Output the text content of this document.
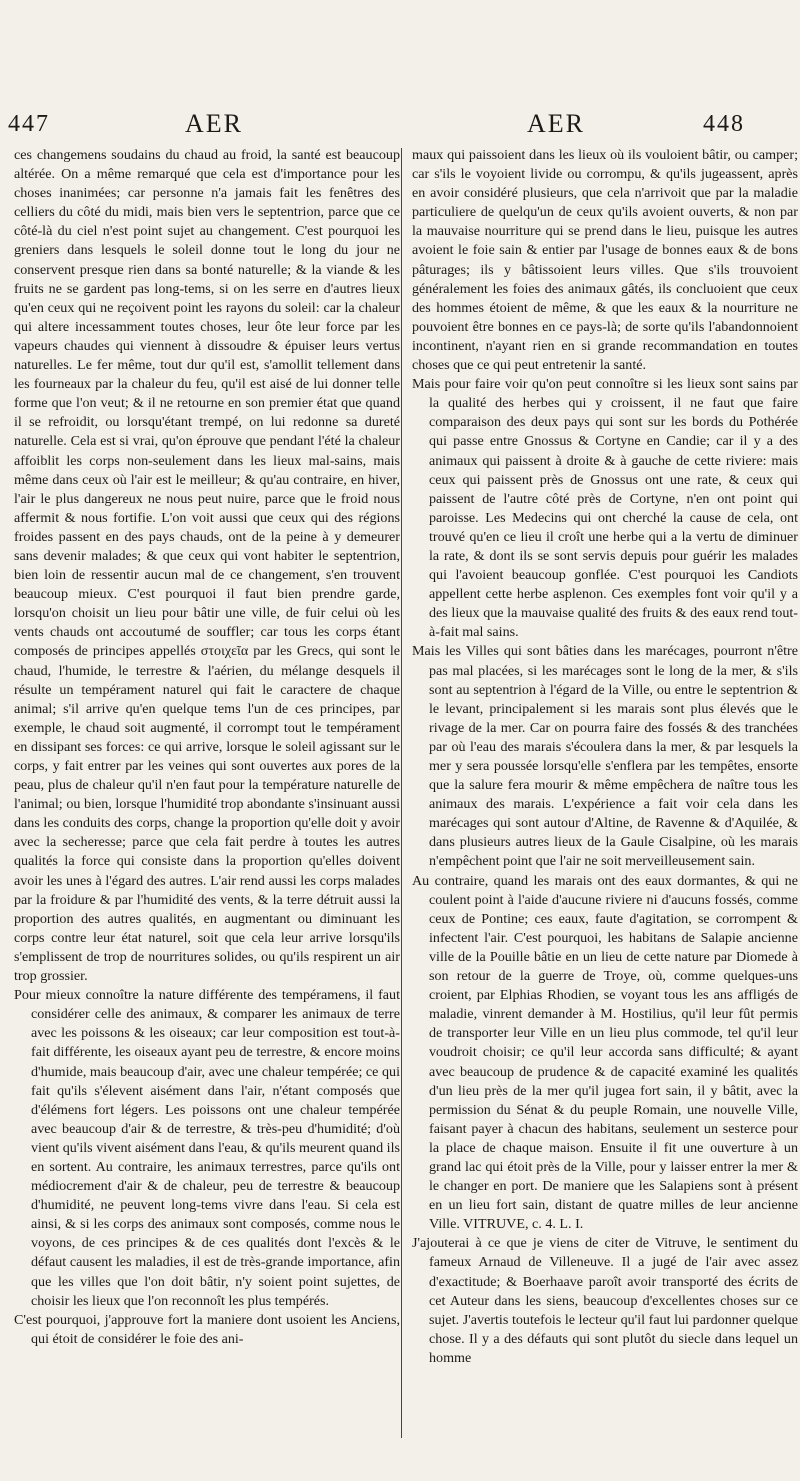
447	AER	AER	448

ces changemens soudains du chaud au froid, la santé est beaucoup altérée. On a même remarqué que cela est d'importance pour les choses inanimées; car personne n'a jamais fait les fenêtres des celliers du côté du midi, mais bien vers le septentrion, parce que ce côté-là du ciel n'est point sujet au changement. C'est pourquoi les greniers dans lesquels le soleil donne tout le long du jour ne conservent presque rien dans sa bonté naturelle; & la viande & les fruits ne se gardent pas long-tems, si on les serre en d'autres lieux qu'en ceux qui ne reçoivent point les rayons du soleil: car la chaleur qui altere incessamment toutes choses, leur ôte leur force par les vapeurs chaudes qui viennent à dissoudre & épuiser leurs vertus naturelles. Le fer même, tout dur qu'il est, s'amollit tellement dans les fourneaux par la chaleur du feu, qu'il est aisé de lui donner telle forme que l'on veut; & il ne retourne en son premier état que quand il se refroidit, ou lorsqu'étant trempé, on lui redonne sa dureté naturelle. Cela est si vrai, qu'on éprouve que pendant l'été la chaleur affoiblit les corps non-seulement dans les lieux mal-sains, mais même dans ceux où l'air est le meilleur; & qu'au contraire, en hiver, l'air le plus dangereux ne nous peut nuire, parce que le froid nous affermit & nous fortifie. L'on voit aussi que ceux qui des régions froides passent en des pays chauds, ont de la peine à y demeurer sans devenir malades; & que ceux qui vont habiter le septentrion, bien loin de ressentir aucun mal de ce changement, s'en trouvent beaucoup mieux. C'est pourquoi il faut bien prendre garde, lorsqu'on choisit un lieu pour bâtir une ville, de fuir celui où les vents chauds ont accoutumé de souffler; car tous les corps étant composés de principes appellés στοιχεῖα par les Grecs, qui sont le chaud, l'humide, le terrestre & l'aérien, du mélange desquels il résulte un tempérament naturel qui fait le caractere de chaque animal; s'il arrive qu'en quelque tems l'un de ces principes, par exemple, le chaud soit augmenté, il corrompt tout le tempérament en dissipant ses forces: ce qui arrive, lorsque le soleil agissant sur le corps, y fait entrer par les veines qui sont ouvertes aux pores de la peau, plus de chaleur qu'il n'en faut pour la température naturelle de l'animal; ou bien, lorsque l'humidité trop abondante s'insinuant aussi dans les conduits des corps, change la proportion qu'elle doit y avoir avec la secheresse; parce que cela fait perdre à toutes les autres qualités la force qui consiste dans la proportion qu'elles doivent avoir les unes à l'égard des autres. L'air rend aussi les corps malades par la froidure & par l'humidité des vents, & la terre détruit aussi la proportion des autres qualités, en augmentant ou diminuant les corps contre leur état naturel, soit que cela leur arrive lorsqu'ils s'emplissent de trop de nourritures solides, ou qu'ils respirent un air trop grossier.

Pour mieux connoître la nature différente des tempéramens, il faut considérer celle des animaux, & comparer les animaux de terre avec les poissons & les oiseaux; car leur composition est tout-à-fait différente, les oiseaux ayant peu de terrestre, & encore moins d'humide, mais beaucoup d'air, avec une chaleur tempérée; ce qui fait qu'ils s'élevent aisément dans l'air, n'étant composés que d'élémens fort légers. Les poissons ont une chaleur tempérée avec beaucoup d'air & de terrestre, & très-peu d'humidité; d'où vient qu'ils vivent aisément dans l'eau, & qu'ils meurent quand ils en sortent. Au contraire, les animaux terrestres, parce qu'ils ont médiocrement d'air & de chaleur, peu de terrestre & beaucoup d'humidité, ne peuvent long-tems vivre dans l'eau. Si cela est ainsi, & si les corps des animaux sont composés, comme nous le voyons, de ces principes & de ces qualités dont l'excès & le défaut causent les maladies, il est de très-grande importance, afin que les villes que l'on doit bâtir, n'y soient point sujettes, de choisir les lieux que l'on reconnoît les plus tempérés.

C'est pourquoi, j'approuve fort la maniere dont usoient les Anciens, qui étoit de considérer le foie des ani-

maux qui paissoient dans les lieux où ils vouloient bâtir, ou camper; car s'ils le voyoient livide ou corrompu, & qu'ils jugeassent, après en avoir considéré plusieurs, que cela n'arrivoit que par la maladie particuliere de quelqu'un de ceux qu'ils avoient ouverts, & non par la mauvaise nourriture qui se prend dans le lieu, puisque les autres avoient le foie sain & entier par l'usage de bonnes eaux & de bons pâturages; ils y bâtissoient leurs villes. Que s'ils trouvoient généralement les foies des animaux gâtés, ils concluoient que ceux des hommes étoient de même, & que les eaux & la nourriture ne pouvoient être bonnes en ce pays-là; de sorte qu'ils l'abandonnoient incontinent, n'ayant rien en si grande recommandation en toutes choses que ce qui peut entretenir la santé.

Mais pour faire voir qu'on peut connoître si les lieux sont sains par la qualité des herbes qui y croissent, il ne faut que faire comparaison des deux pays qui sont sur les bords du Pothérée qui passe entre Gnossus & Cortyne en Candie; car il y a des animaux qui paissent à droite & à gauche de cette riviere: mais ceux qui paissent près de Gnossus ont une rate, & ceux qui paissent de l'autre côté près de Cortyne, n'en ont point qui paroisse. Les Medecins qui ont cherché la cause de cela, ont trouvé qu'en ce lieu il croît une herbe qui a la vertu de diminuer la rate, & dont ils se sont servis depuis pour guérir les malades qui l'avoient beaucoup gonflée. C'est pourquoi les Candiots appellent cette herbe asplenon. Ces exemples font voir qu'il y a des lieux que la mauvaise qualité des fruits & des eaux rend tout-à-fait mal sains.

Mais les Villes qui sont bâties dans les marécages, pourront n'être pas mal placées, si les marécages sont le long de la mer, & s'ils sont au septentrion à l'égard de la Ville, ou entre le septentrion & le levant, principalement si les marais sont plus élevés que le rivage de la mer. Car on pourra faire des fossés & des tranchées par où l'eau des marais s'écoulera dans la mer, & par lesquels la mer y sera poussée lorsqu'elle s'enflera par les tempêtes, ensorte que la salure fera mourir & même empêchera de naître tous les animaux des marais. L'expérience a fait voir cela dans les marécages qui sont autour d'Altine, de Ravenne & d'Aquilée, & dans plusieurs autres lieux de la Gaule Cisalpine, où les marais n'empêchent point que l'air ne soit merveilleusement sain.

Au contraire, quand les marais ont des eaux dormantes, & qui ne coulent point à l'aide d'aucune riviere ni d'aucuns fossés, comme ceux de Pontine; ces eaux, faute d'agitation, se corrompent & infectent l'air. C'est pourquoi, les habitans de Salapie ancienne ville de la Pouille bâtie en un lieu de cette nature par Diomede à son retour de la guerre de Troye, où, comme quelques-uns croient, par Elphias Rhodien, se voyant tous les ans affligés de maladie, vinrent demander à M. Hostilius, qu'il leur fût permis de transporter leur Ville en un lieu plus commode, tel qu'il leur voudroit choisir; ce qu'il leur accorda sans difficulté; & ayant avec beaucoup de prudence & de capacité examiné les qualités d'un lieu près de la mer qu'il jugea fort sain, il y bâtit, avec la permission du Sénat & du peuple Romain, une nouvelle Ville, faisant payer à chacun des habitans, seulement un sesterce pour la place de chaque maison. Ensuite il fit une ouverture à un grand lac qui étoit près de la Ville, pour y laisser entrer la mer & le changer en port. De maniere que les Salapiens sont à présent en un lieu fort sain, distant de quatre milles de leur ancienne Ville. VITRUVE, c. 4. L. I.

J'ajouterai à ce que je viens de citer de Vitruve, le sentiment du fameux Arnaud de Villeneuve. Il a jugé de l'air avec assez d'exactitude; & Boerhaave paroît avoir transporté des écrits de cet Auteur dans les siens, beaucoup d'excellentes choses sur ce sujet. J'avertis toutefois le lecteur qu'il faut lui pardonner quelque chose. Il y a des défauts qui sont plutôt du siecle dans lequel un homme
